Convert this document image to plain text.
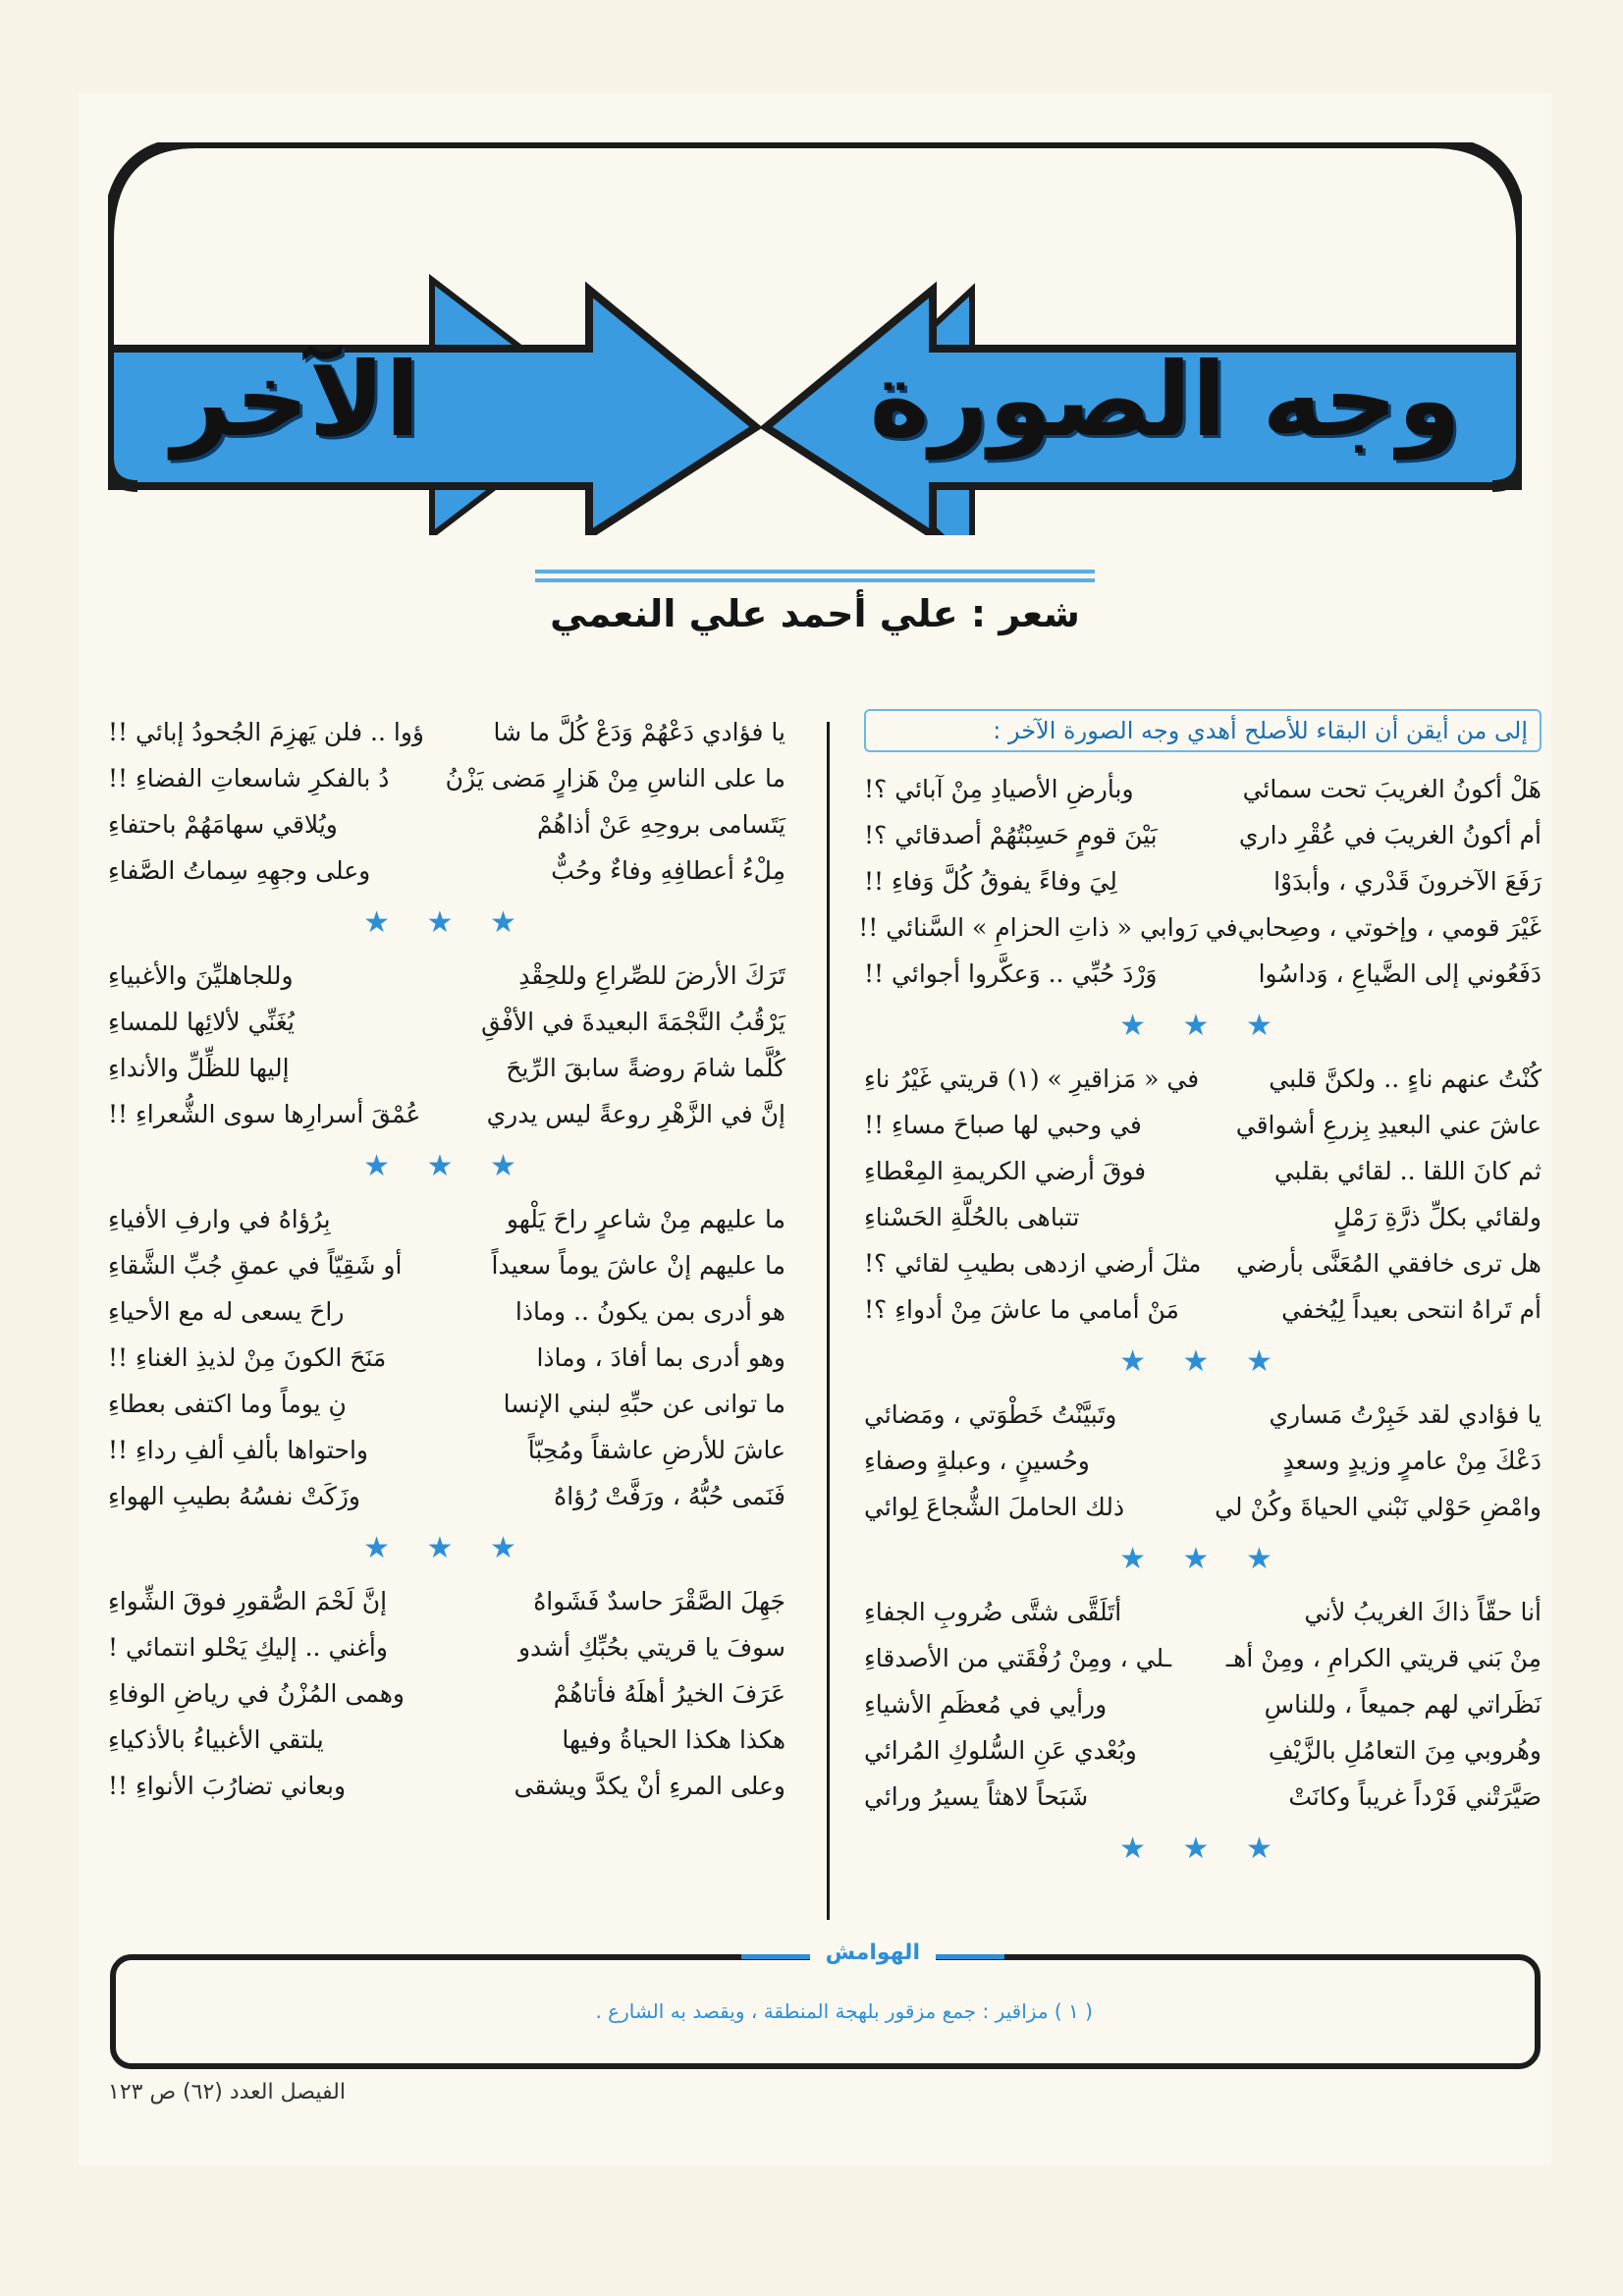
وجه الصورة
الآخر
شعر : علي أحمد علي النعمي
إلى من أيقن أن البقاء للأصلح أهدي وجه الصورة الآخر :
هَلْ أكونُ الغريبَ تحت سمائي
وبأرضِ الأصيادِ مِنْ آبائي ؟!
أم أكونُ الغريبَ في عُقْرِ داري
بَيْنَ قومٍ حَسِبْتُهُمْ أصدقائي ؟!
رَفَعَ الآخرونَ قَدْري ، وأبدَوْا
لِيَ وفاءً يفوقُ كُلَّ وَفاءِ !!
غَيْرَ قومي ، وإخوتي ، وصِحابي
في رَوابي « ذاتِ الحزامِ » السَّنائي !!
دَفَعُوني إلى الضَّياعِ ، وَداسُوا
وَرْدَ حُبِّي .. وَعكَّروا أجوائي !!
★ ★ ★
كُنْتُ عنهم ناءٍ .. ولكنَّ قلبي
في « مَزاقيرِ » (١) قريتي غَيْرُ ناءِ
عاشَ عني البعيدِ بِزرعِ أشواقي
في وحبي لها صباحَ مساءِ !!
ثم كانَ اللقا .. لقائي بقلبي
فوقَ أرضي الكريمةِ المِعْطاءِ
ولقائي بكلِّ ذرَّةِ رَمْلٍ
تتباهى بالحُلَّةِ الحَسْناءِ
هل ترى خافقي المُعَنَّى بأرضي
مثلَ أرضي ازدهى بطيبِ لقائي ؟!
أم تَراهُ انتحى بعيداً لِيُخفي
مَنْ أمامي ما عاشَ مِنْ أدواءِ ؟!
★ ★ ★
يا فؤادي لقد خَبِرْتُ مَساري
وتَبيَّنْتُ خَطْوَتي ، ومَضائي
دَعْكَ مِنْ عامرٍ وزيدٍ وسعدٍ
وحُسينٍ ، وعبلةٍ وصفاءِ
وامْضِ حَوْلي نَبْني الحياةَ وكُنْ لي
ذلك الحاملَ الشُّجاعَ لِوائي
★ ★ ★
أنا حقّاً ذاكَ الغريبُ لأني
أتَلَقَّى شتَّى ضُروبِ الجفاءِ
مِنْ بَني قريتي الكرامِ ، ومِنْ أهـ
ـلي ، ومِنْ رُفْقَتي من الأصدقاءِ
نَظَراتي لهم جميعاً ، وللناسِ
ورأيي في مُعظَمِ الأشياءِ
وهُروبي مِنَ التعامُلِ بالزَّيْفِ
وبُعْدي عَنِ السُّلوكِ المُرائي
صَيَّرَتْني فَرْداً غريباً وكانَتْ
شَبَحاً لاهثاً يسيرُ ورائي
★ ★ ★
يا فؤادي دَعْهُمْ وَدَعْ كُلَّ ما شا
ؤوا .. فلن يَهزِمَ الجُحودُ إبائي !!
ما على الناسِ مِنْ هَزارٍ مَضى يَزْنُ
دُ بالفكرِ شاسعاتِ الفضاءِ !!
يَتَسامى بروحِهِ عَنْ أذاهُمْ
ويُلاقي سهامَهُمْ باحتفاءِ
مِلْءُ أعطافِهِ وفاءٌ وحُبٌّ
وعلى وجهِهِ سِماتُ الصَّفاءِ
★ ★ ★
تَرَكَ الأرضَ للصِّراعِ وللحِقْدِ
وللجاهليِّنَ والأغبياءِ
يَرْقُبُ النَّجْمَةَ البعيدةَ في الأفْقِ
يُغَنِّي لألائِها للمساءِ
كُلَّما شامَ روضةً سابقَ الرِّيحَ
إليها للظِّلِّ والأنداءِ
إنَّ في الزَّهْرِ روعةً ليس يدري
عُمْقَ أسرارِها سوى الشُّعراءِ !!
★ ★ ★
ما عليهم مِنْ شاعرٍ راحَ يَلْهو
بِرُؤاهُ في وارفِ الأفياءِ
ما عليهم إنْ عاشَ يوماً سعيداً
أو شَقِيّاً في عمقِ جُبِّ الشَّقاءِ
هو أدرى بمن يكونُ .. وماذا
راحَ يسعى له مع الأحياءِ
وهو أدرى بما أفادَ ، وماذا
مَنَحَ الكونَ مِنْ لذيذِ الغناءِ !!
ما توانى عن حبِّهِ لبني الإنسا
نِ يوماً وما اكتفى بعطاءِ
عاشَ للأرضِ عاشقاً ومُحِبّاً
واحتواها بألفِ ألفِ رداءِ !!
فَنَمى حُبُّهُ ، ورَفَّتْ رُؤاهُ
وزَكَتْ نفسُهُ بطيبِ الهواءِ
★ ★ ★
جَهِلَ الصَّقْرَ حاسدٌ فَشَواهُ
إنَّ لَحْمَ الصُّقورِ فوقَ الشِّواءِ
سوفَ يا قريتي بحُبِّكِ أشدو
وأغني .. إليكِ يَحْلو انتمائي !
عَرَفَ الخيرُ أهلَهُ فأتاهُمْ
وهمى المُزْنُ في رياضِ الوفاءِ
هكذا هكذا الحياةُ وفيها
يلتقي الأغبياءُ بالأذكياءِ
وعلى المرءِ أنْ يكدَّ ويشقى
وبعاني تضارُبَ الأنواءِ !!
الهوامش
( ١ ) مزاقير : جمع مزقور بلهجة المنطقة ، ويقصد به الشارع .
الفيصل العدد (٦٢) ص ١٢٣
